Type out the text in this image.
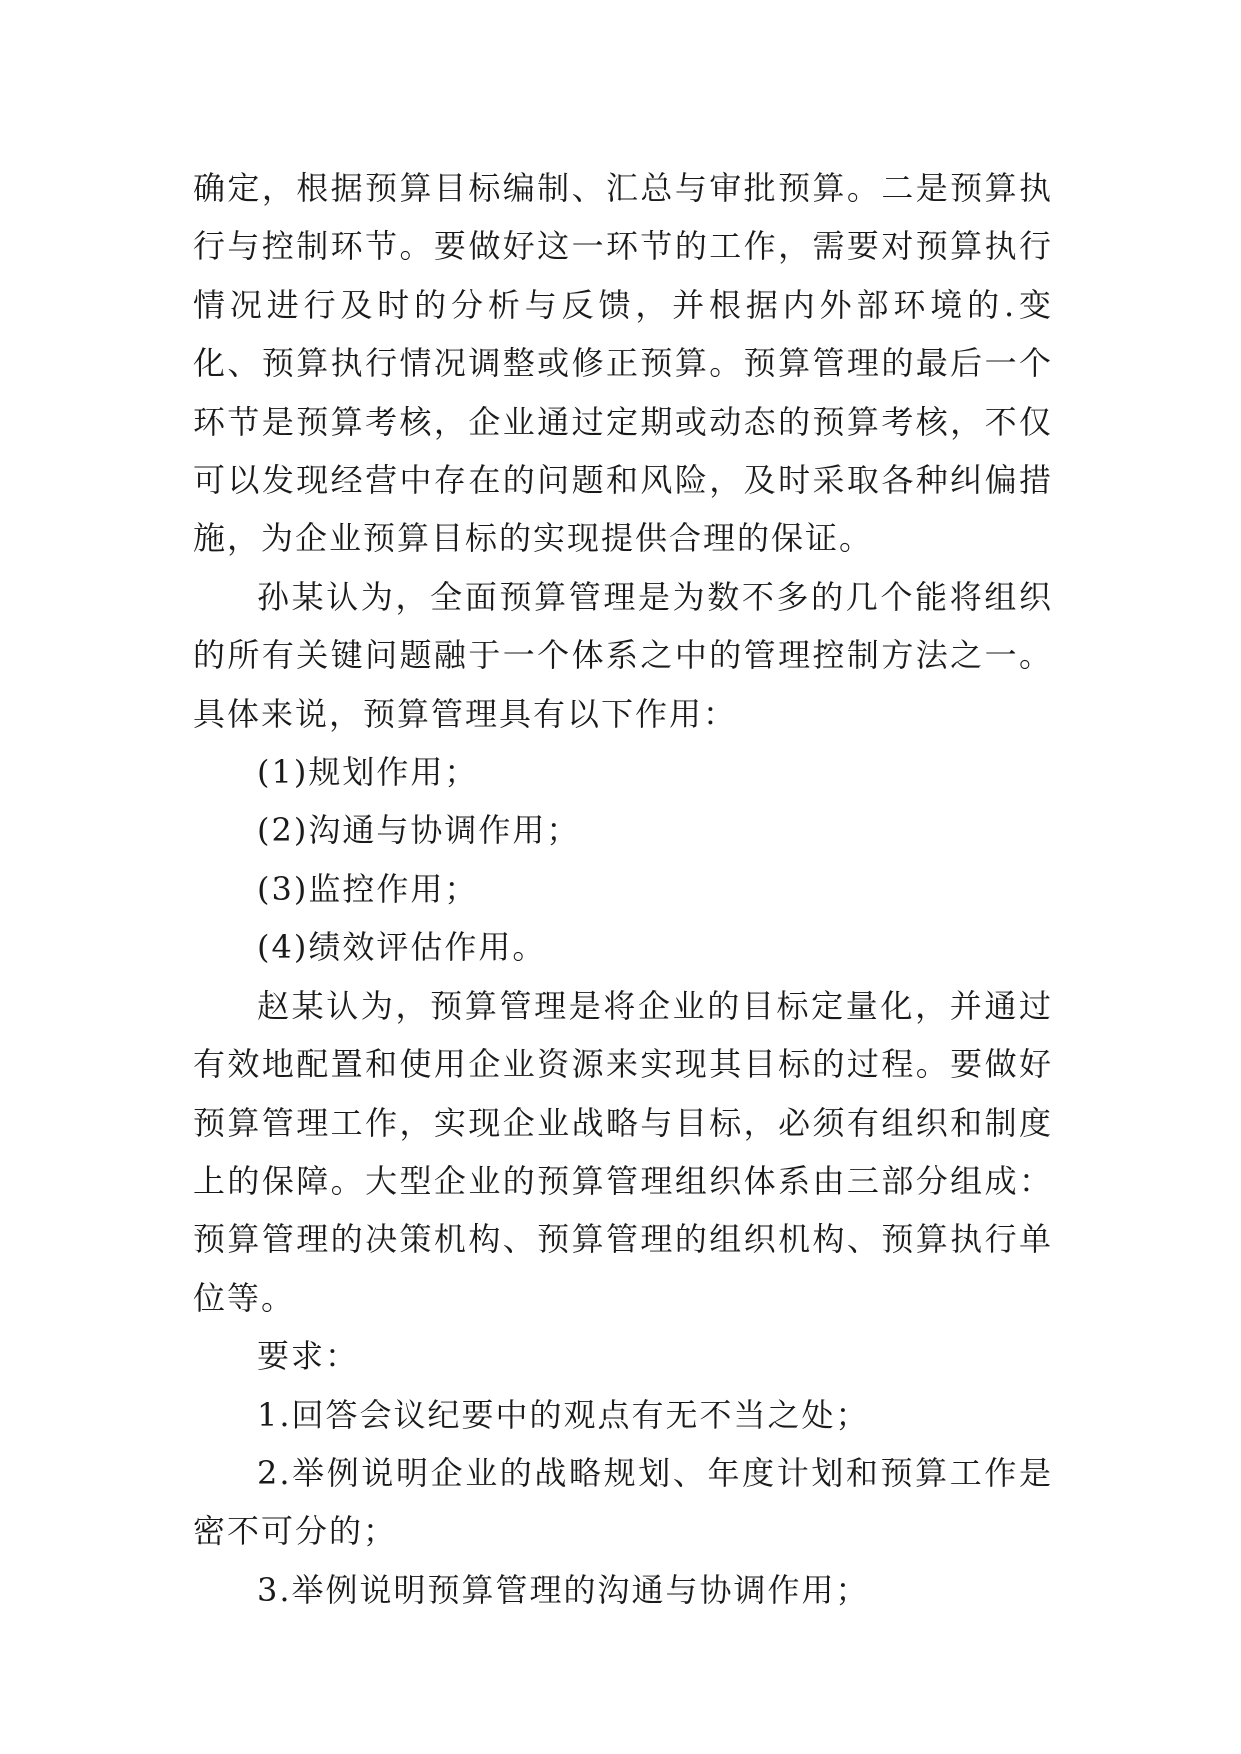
确定，根据预算目标编制、汇总与审批预算。二是预算执行与控制环节。要做好这一环节的工作，需要对预算执行情况进行及时的分析与反馈，并根据内外部环境的.变化、预算执行情况调整或修正预算。预算管理的最后一个环节是预算考核，企业通过定期或动态的预算考核，不仅可以发现经营中存在的问题和风险，及时采取各种纠偏措施，为企业预算目标的实现提供合理的保证。

孙某认为，全面预算管理是为数不多的几个能将组织的所有关键问题融于一个体系之中的管理控制方法之一。具体来说，预算管理具有以下作用：

(1)规划作用；

(2)沟通与协调作用；

(3)监控作用；

(4)绩效评估作用。

赵某认为，预算管理是将企业的目标定量化，并通过有效地配置和使用企业资源来实现其目标的过程。要做好预算管理工作，实现企业战略与目标，必须有组织和制度上的保障。大型企业的预算管理组织体系由三部分组成：预算管理的决策机构、预算管理的组织机构、预算执行单位等。

要求：

1.回答会议纪要中的观点有无不当之处；

2.举例说明企业的战略规划、年度计划和预算工作是密不可分的；

3.举例说明预算管理的沟通与协调作用；
